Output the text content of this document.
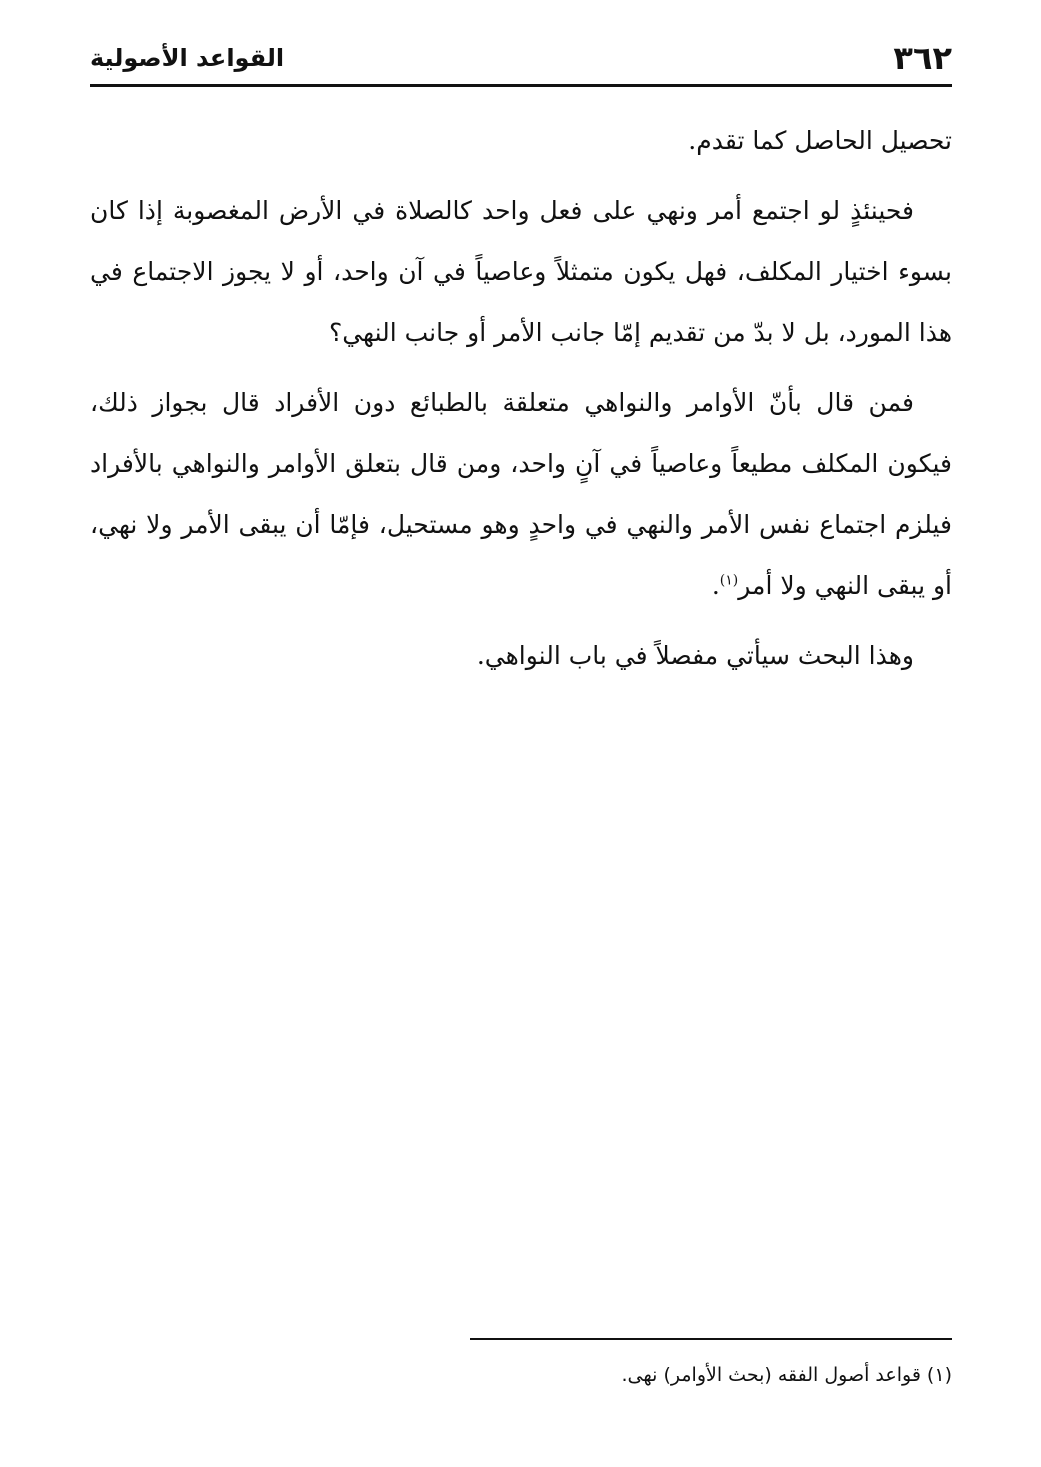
٣٦٢
القواعد الأصولية

تحصيل الحاصل كما تقدم.

فحينئذٍ لو اجتمع أمر ونهي على فعل واحد كالصلاة في الأرض المغصوبة إذا كان بسوء اختيار المكلف، فهل يكون متمثلاً وعاصياً في آن واحد، أو لا يجوز الاجتماع في هذا المورد، بل لا بدّ من تقديم إمّا جانب الأمر أو جانب النهي؟

فمن قال بأنّ الأوامر والنواهي متعلقة بالطبائع دون الأفراد قال بجواز ذلك، فيكون المكلف مطيعاً وعاصياً في آنٍ واحد، ومن قال بتعلق الأوامر والنواهي بالأفراد فيلزم اجتماع نفس الأمر والنهي في واحدٍ وهو مستحيل، فإمّا أن يبقى الأمر ولا نهي، أو يبقى النهي ولا أمر$^{(١)}$.

وهذا البحث سيأتي مفصلاً في باب النواهي.

(١) قواعد أصول الفقه (بحث الأوامر) نهى.
